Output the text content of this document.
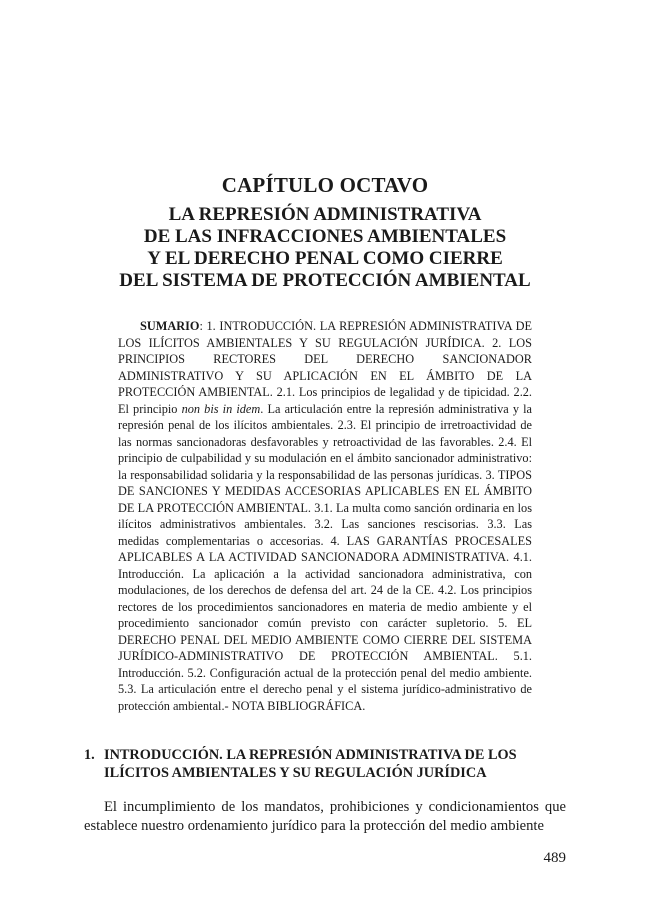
CAPÍTULO OCTAVO
LA REPRESIÓN ADMINISTRATIVA
DE LAS INFRACCIONES AMBIENTALES
Y EL DERECHO PENAL COMO CIERRE
DEL SISTEMA DE PROTECCIÓN AMBIENTAL
SUMARIO: 1. INTRODUCCIÓN. LA REPRESIÓN ADMINISTRATIVA DE LOS ILÍCITOS AMBIENTALES Y SU REGULACIÓN JURÍDICA. 2. LOS PRINCIPIOS RECTORES DEL DERECHO SANCIONADOR ADMINISTRATIVO Y SU APLICACIÓN EN EL ÁMBITO DE LA PROTECCIÓN AMBIENTAL. 2.1. Los principios de legalidad y de tipicidad. 2.2. El principio non bis in idem. La articulación entre la represión administrativa y la represión penal de los ilícitos ambientales. 2.3. El principio de irretroactividad de las normas sancionadoras desfavorables y retroactividad de las favorables. 2.4. El principio de culpabilidad y su modulación en el ámbito sancionador administrativo: la responsabilidad solidaria y la responsabilidad de las personas jurídicas. 3. TIPOS DE SANCIONES Y MEDIDAS ACCESORIAS APLICABLES EN EL ÁMBITO DE LA PROTECCIÓN AMBIENTAL. 3.1. La multa como sanción ordinaria en los ilícitos administrativos ambientales. 3.2. Las sanciones rescisorias. 3.3. Las medidas complementarias o accesorias. 4. LAS GARANTÍAS PROCESALES APLICABLES A LA ACTIVIDAD SANCIONADORA ADMINISTRATIVA. 4.1. Introducción. La aplicación a la actividad sancionadora administrativa, con modulaciones, de los derechos de defensa del art. 24 de la CE. 4.2. Los principios rectores de los procedimientos sancionadores en materia de medio ambiente y el procedimiento sancionador común previsto con carácter supletorio. 5. EL DERECHO PENAL DEL MEDIO AMBIENTE COMO CIERRE DEL SISTEMA JURÍDICO-ADMINISTRATIVO DE PROTECCIÓN AMBIENTAL. 5.1. Introducción. 5.2. Configuración actual de la protección penal del medio ambiente. 5.3. La articulación entre el derecho penal y el sistema jurídico-administrativo de protección ambiental.- NOTA BIBLIOGRÁFICA.
1. INTRODUCCIÓN. LA REPRESIÓN ADMINISTRATIVA DE LOS ILÍCITOS AMBIENTALES Y SU REGULACIÓN JURÍDICA
El incumplimiento de los mandatos, prohibiciones y condicionamientos que establece nuestro ordenamiento jurídico para la protección del medio ambiente
489
